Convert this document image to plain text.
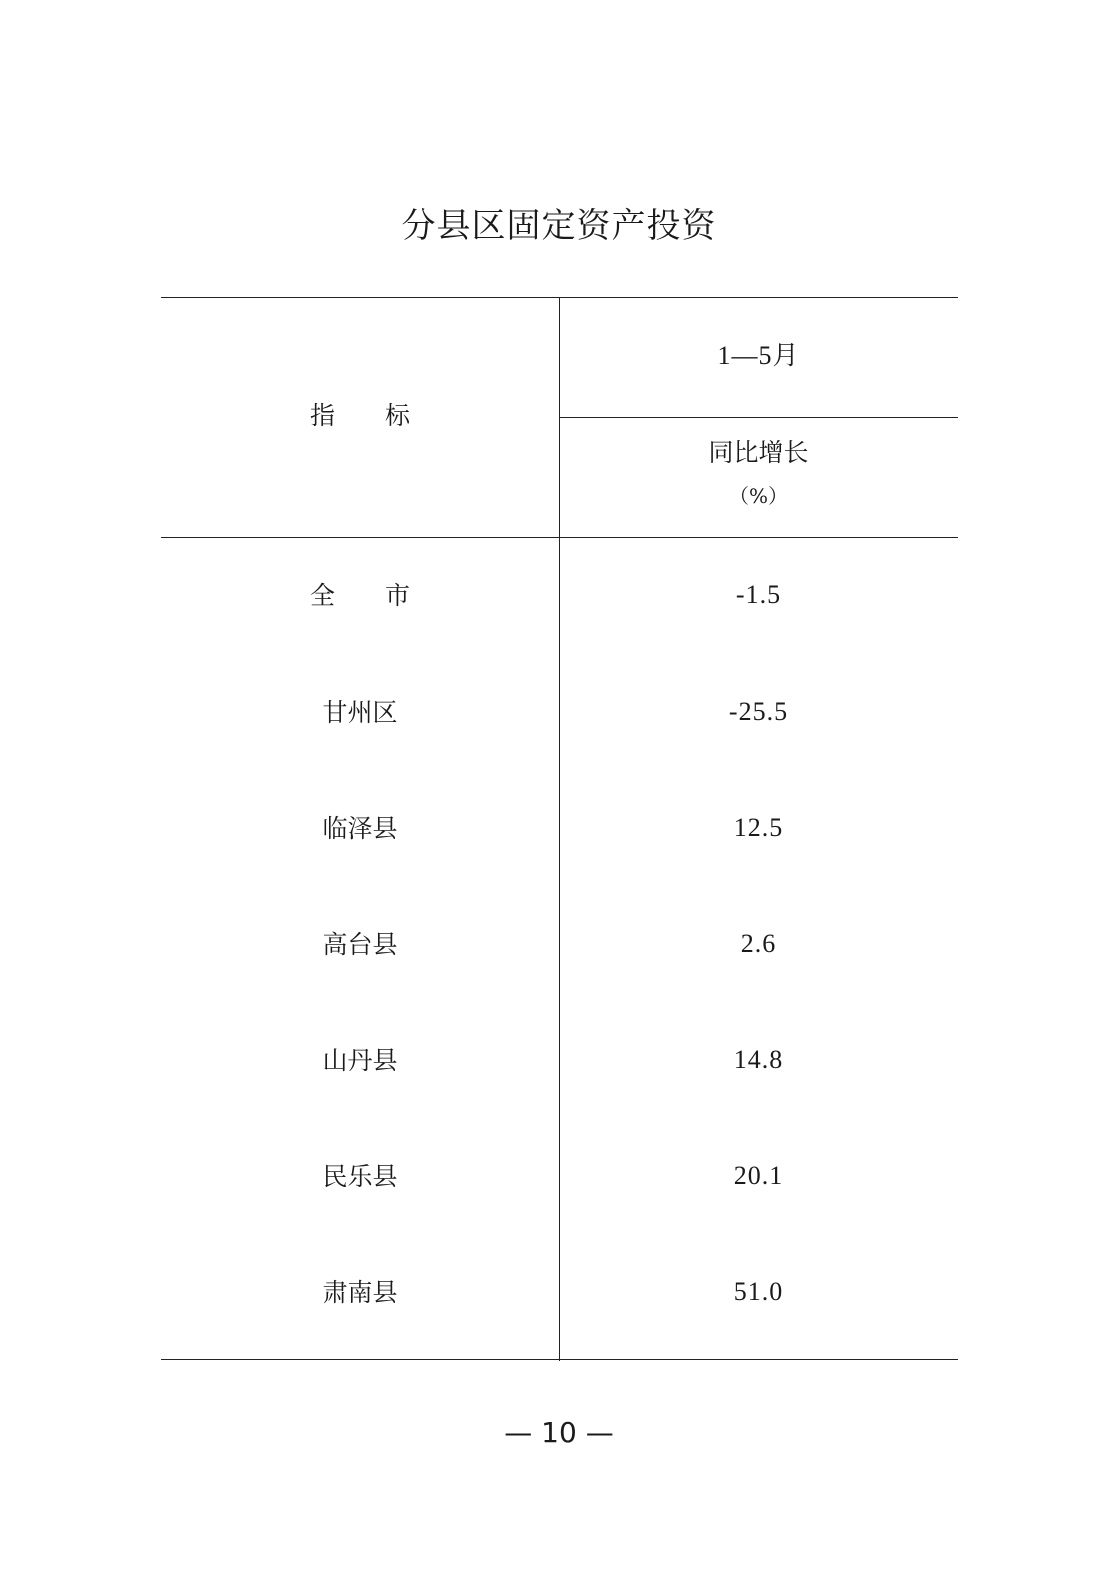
分县区固定资产投资
指　　标
1—5月
同比增长
（%）
全　　市	-1.5
甘州区	-25.5
临泽县	12.5
高台县	2.6
山丹县	14.8
民乐县	20.1
肃南县	51.0
— 10 —
